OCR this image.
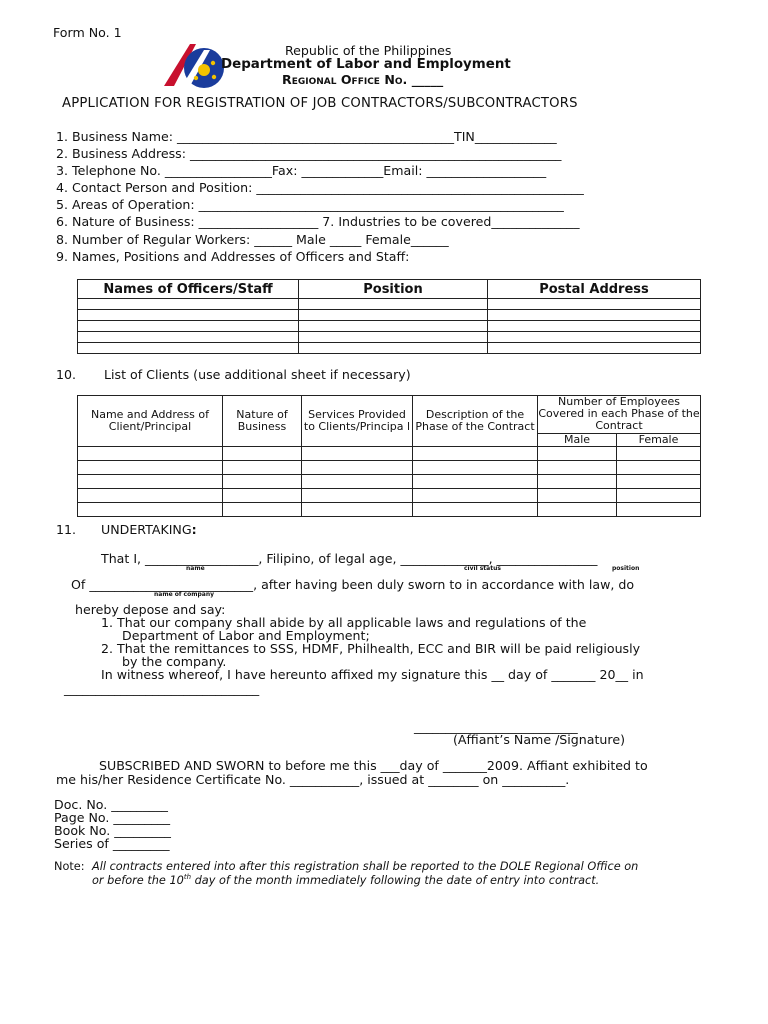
Form No. 1
Republic of the Philippines
Department of Labor and Employment
Regional Office No. _____
APPLICATION FOR REGISTRATION OF JOB CONTRACTORS/SUBCONTRACTORS
1. Business Name: ____________________________________________TIN_____________
2. Business Address: ___________________________________________________________
3. Telephone No. _________________Fax: _____________Email: ___________________
4. Contact Person and Position: ____________________________________________________
5. Areas of Operation: __________________________________________________________
6. Nature of Business: ___________________ 7. Industries to be covered______________
8. Number of Regular Workers: ______ Male _____ Female______
9. Names, Positions and Addresses of Officers and Staff:
Names of Officers/Staff	Position	Postal Address

10. List of Clients (use additional sheet if necessary)
Name and Address of Client/Principal	Nature of Business	Services Provided to Clients/Principa l	Description of the Phase of the Contract	Number of Employees Covered in each Phase of the Contract	
				Male	Female

11. UNDERTAKING:
That I, __________________, Filipino, of legal age, ______________, ________________
name	civil status	position
Of __________________________, after having been duly sworn to in accordance with law, do
name of company
hereby depose and say:
1. That our company shall abide by all applicable laws and regulations of the
Department of Labor and Employment;
2. That the remittances to SSS, HDMF, Philhealth, ECC and BIR will be paid religiously
by the company.
In witness whereof, I have hereunto affixed my signature this __ day of _______ 20__ in
_______________________________
__________________________
(Affiant’s Name /Signature)
SUBSCRIBED AND SWORN to before me this ___day of _______2009. Affiant exhibited to
me his/her Residence Certificate No. ___________, issued at ________ on __________.
Doc. No. _________
Page No. _________
Book No. _________
Series of _________
Note: All contracts entered into after this registration shall be reported to the DOLE Regional Office on
or before the 10th day of the month immediately following the date of entry into contract.
